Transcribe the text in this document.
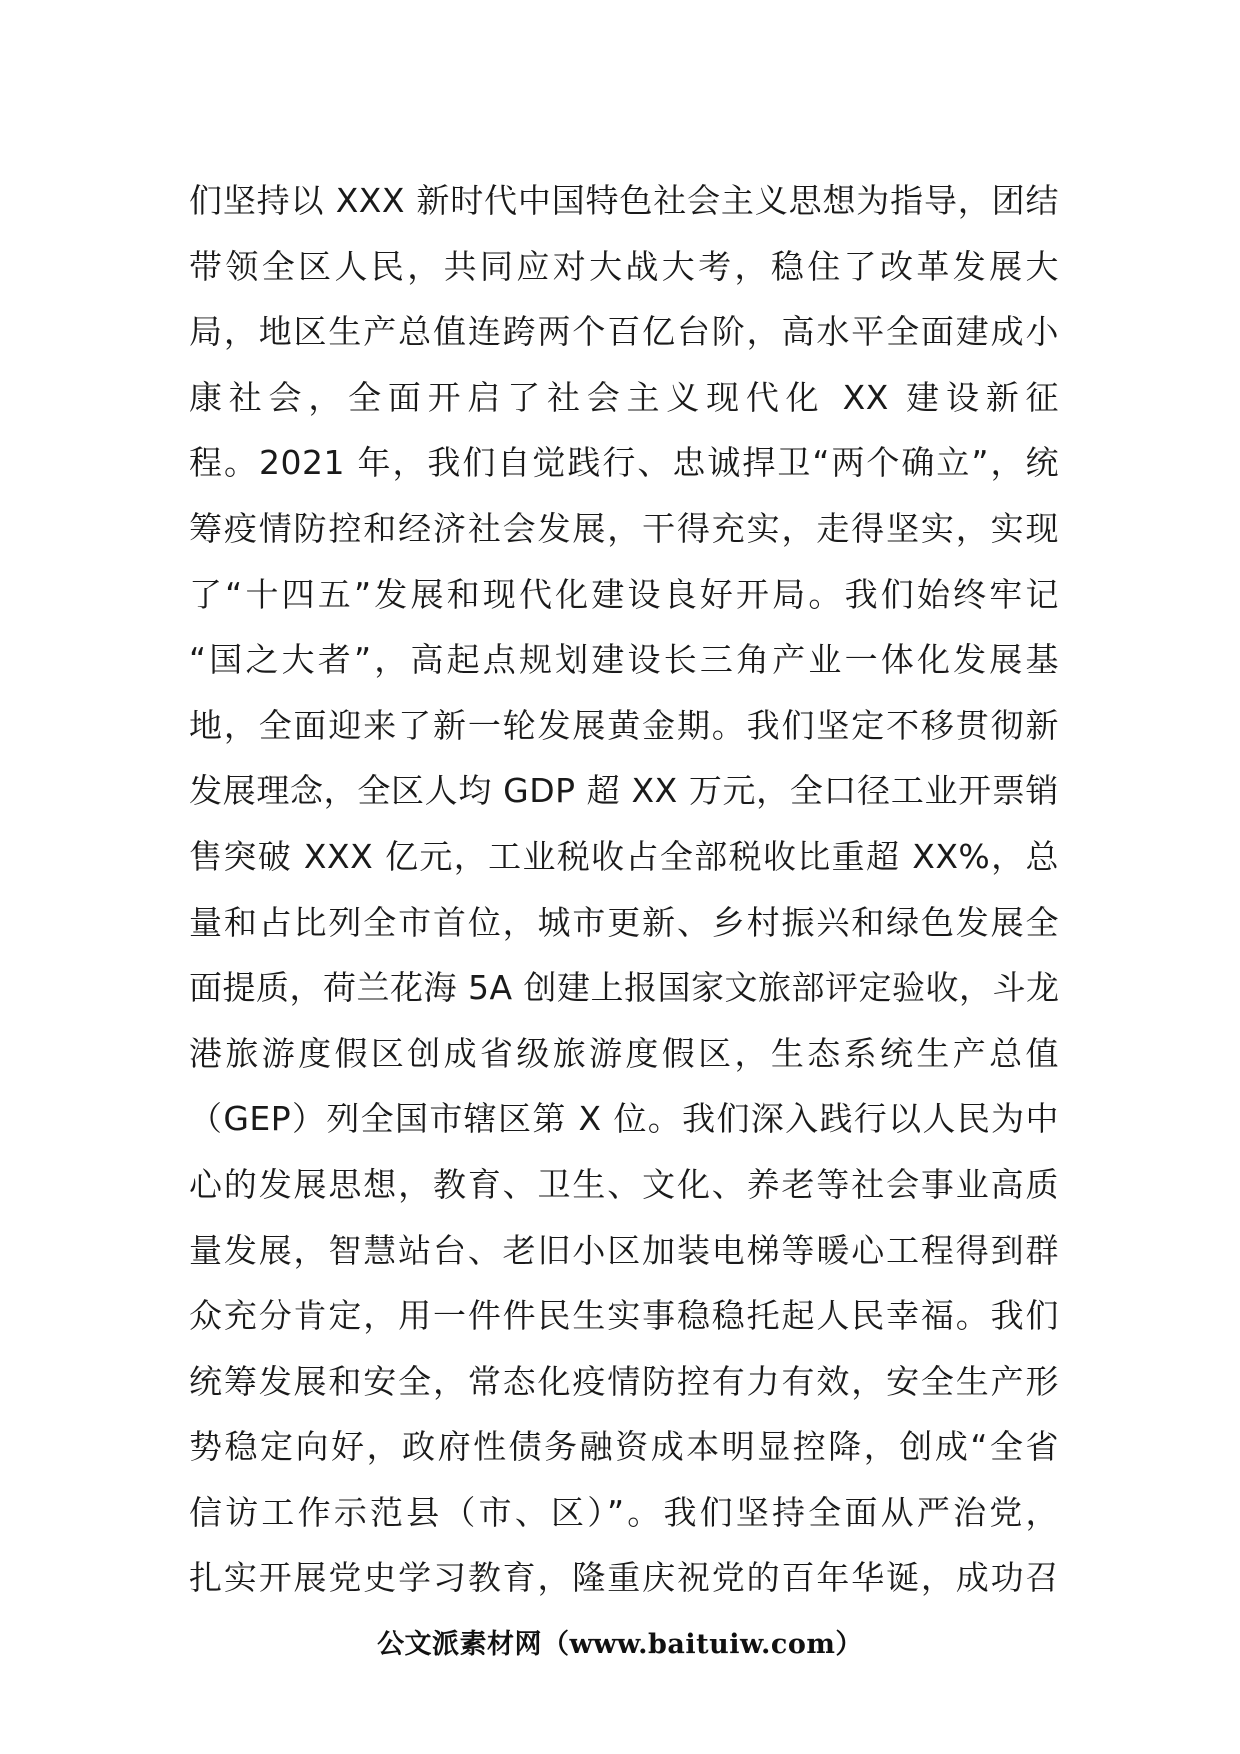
们坚持以 XXX 新时代中国特色社会主义思想为指导，团结
带领全区人民，共同应对大战大考，稳住了改革发展大
局，地区生产总值连跨两个百亿台阶，高水平全面建成小
康社会，全面开启了社会主义现代化 XX 建设新征
程。2021 年，我们自觉践行、忠诚捍卫“两个确立”，统
筹疫情防控和经济社会发展，干得充实，走得坚实，实现
了“十四五”发展和现代化建设良好开局。我们始终牢记
“国之大者”，高起点规划建设长三角产业一体化发展基
地，全面迎来了新一轮发展黄金期。我们坚定不移贯彻新
发展理念，全区人均 GDP 超 XX 万元，全口径工业开票销
售突破 XXX 亿元，工业税收占全部税收比重超 XX%，总
量和占比列全市首位，城市更新、乡村振兴和绿色发展全
面提质，荷兰花海 5A 创建上报国家文旅部评定验收，斗龙
港旅游度假区创成省级旅游度假区，生态系统生产总值
（GEP）列全国市辖区第 X 位。我们深入践行以人民为中
心的发展思想，教育、卫生、文化、养老等社会事业高质
量发展，智慧站台、老旧小区加装电梯等暖心工程得到群
众充分肯定，用一件件民生实事稳稳托起人民幸福。我们
统筹发展和安全，常态化疫情防控有力有效，安全生产形
势稳定向好，政府性债务融资成本明显控降，创成“全省
信访工作示范县（市、区）”。我们坚持全面从严治党，
扎实开展党史学习教育，隆重庆祝党的百年华诞，成功召
公文派素材网（www.baituiw.com）
